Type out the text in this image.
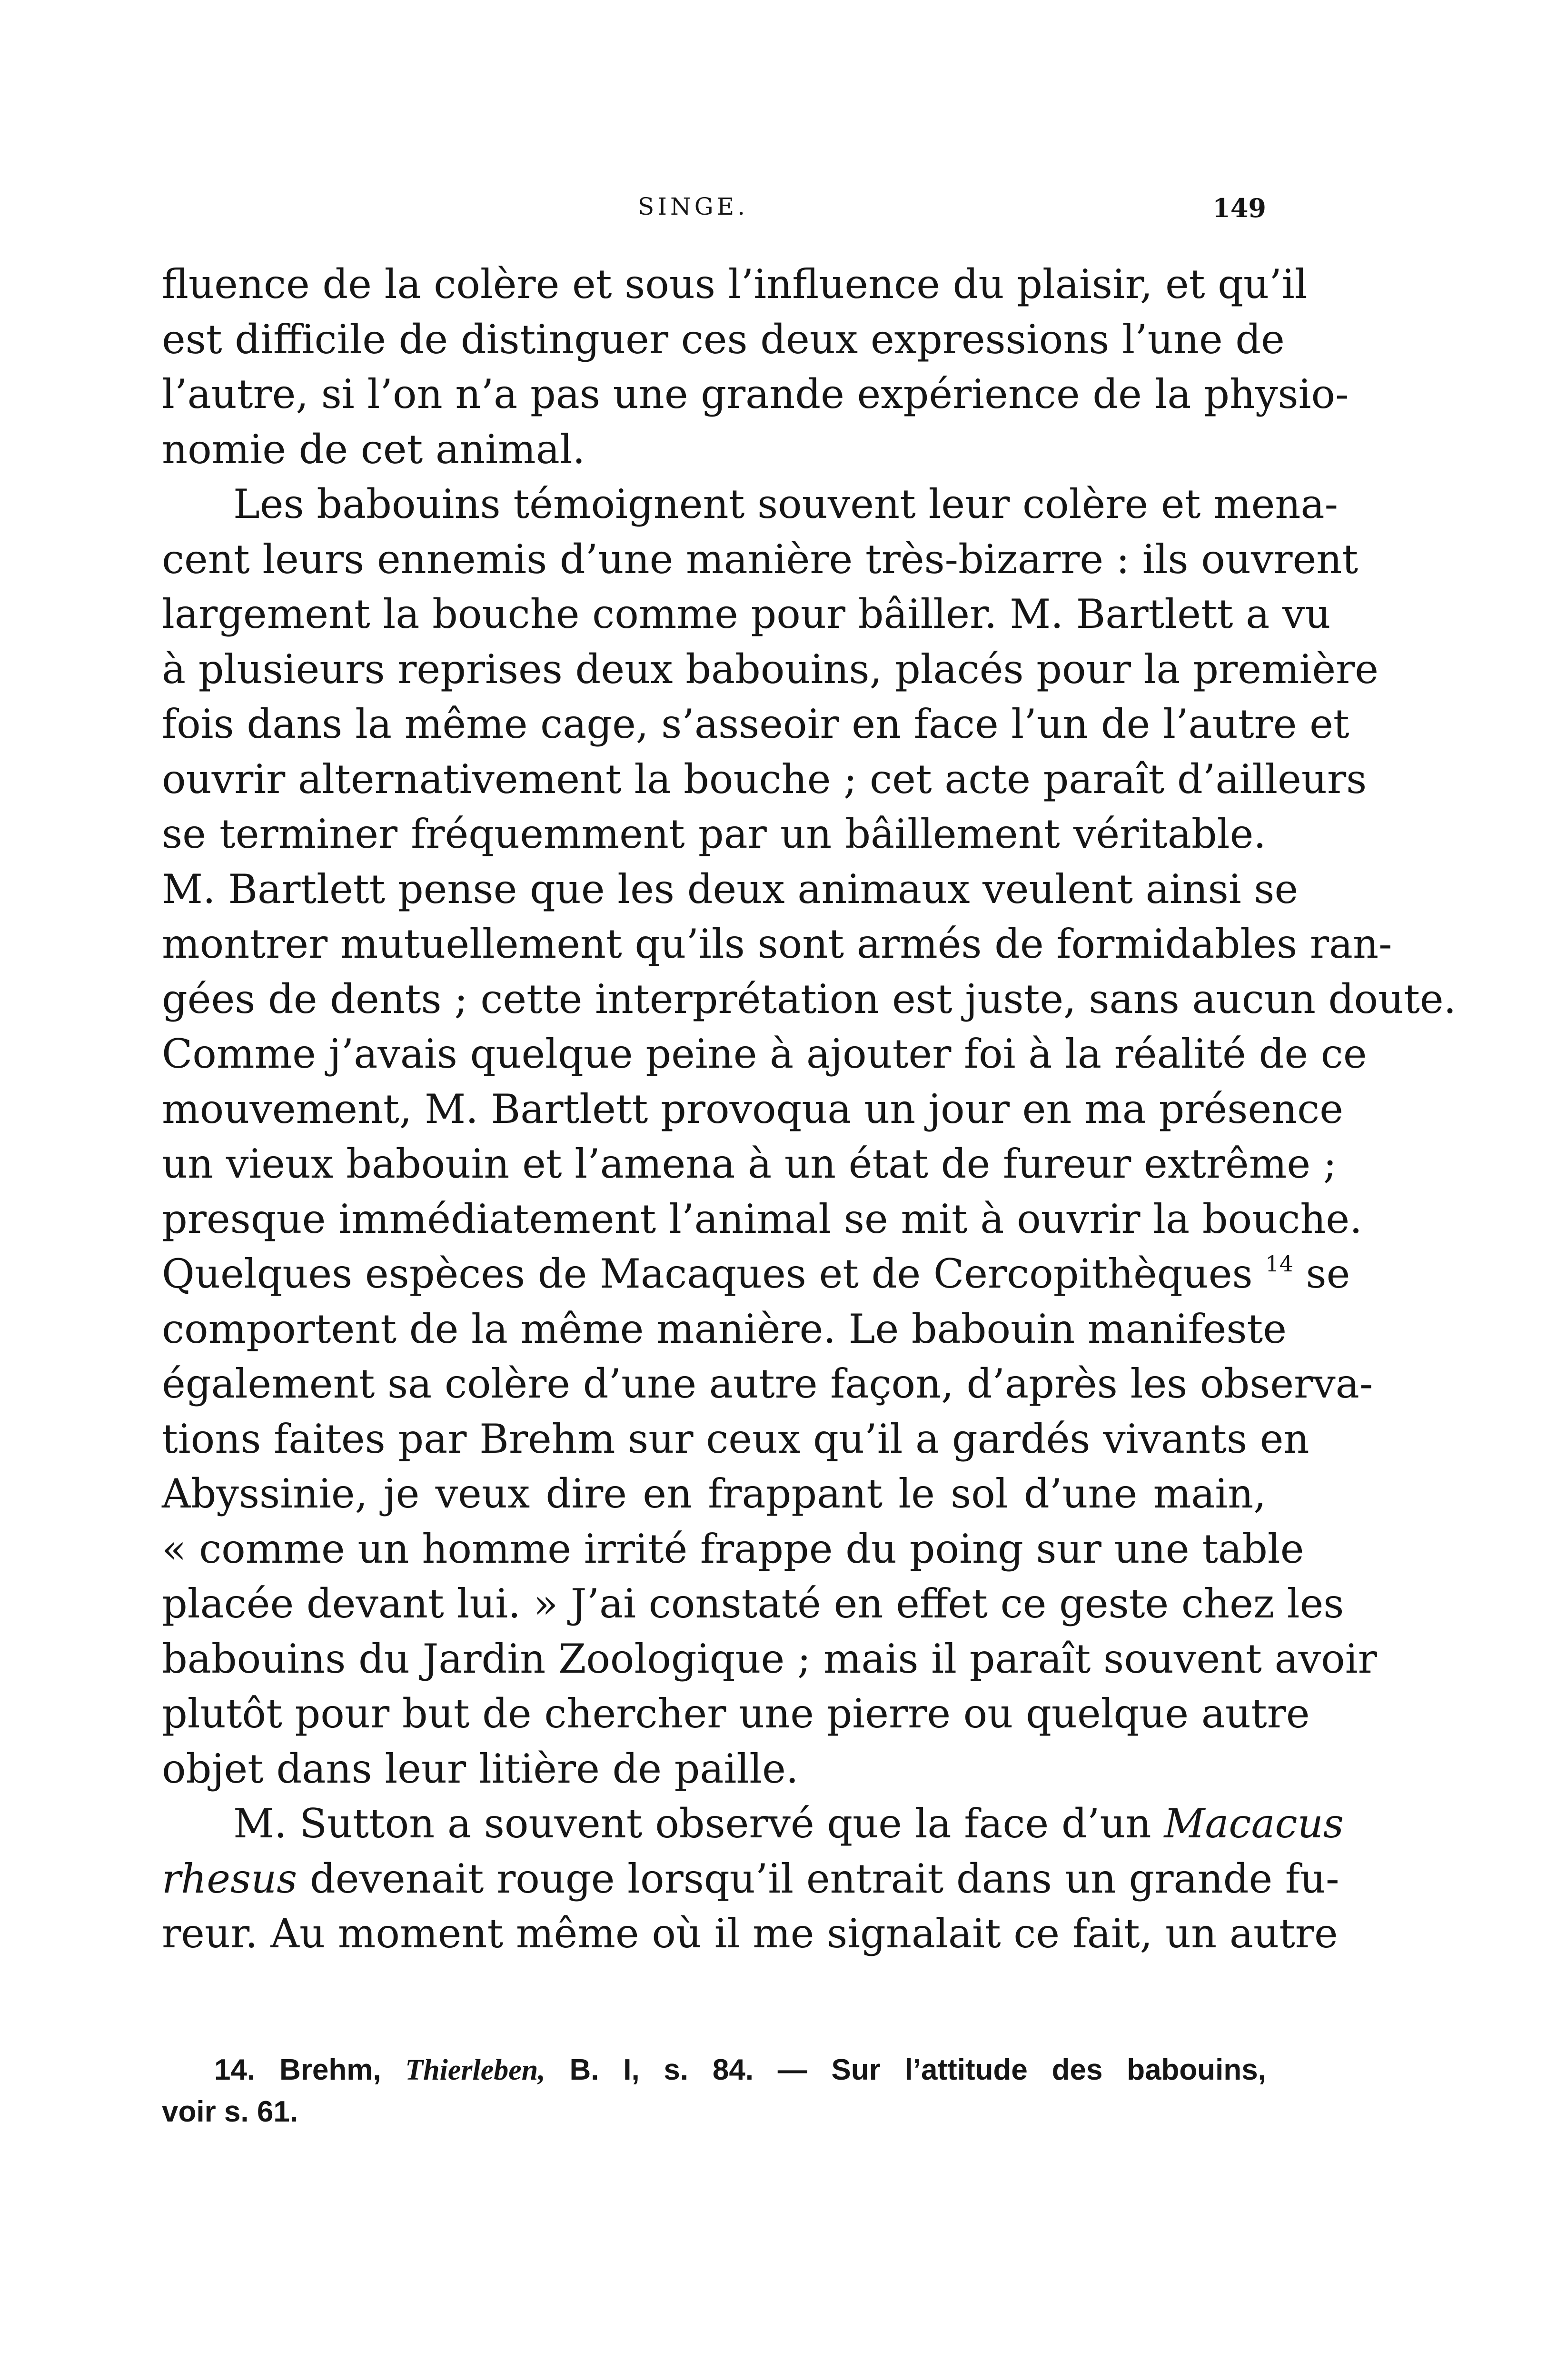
SINGE.	149
fluence de la colère et sous l’influence du plaisir, et qu’il
est difficile de distinguer ces deux expressions l’une de
l’autre, si l’on n’a pas une grande expérience de la physio-
nomie de cet animal.
Les babouins témoignent souvent leur colère et mena-
cent leurs ennemis d’une manière très-bizarre : ils ouvrent
largement la bouche comme pour bâiller. M. Bartlett a vu
à plusieurs reprises deux babouins, placés pour la première
fois dans la même cage, s’asseoir en face l’un de l’autre et
ouvrir alternativement la bouche ; cet acte paraît d’ailleurs
se terminer fréquemment par un bâillement véritable.
M. Bartlett pense que les deux animaux veulent ainsi se
montrer mutuellement qu’ils sont armés de formidables ran-
gées de dents ; cette interprétation est juste, sans aucun doute.
Comme j’avais quelque peine à ajouter foi à la réalité de ce
mouvement, M. Bartlett provoqua un jour en ma présence
un vieux babouin et l’amena à un état de fureur extrême ;
presque immédiatement l’animal se mit à ouvrir la bouche.
Quelques espèces de Macaques et de Cercopithèques $^{14}$ se
comportent de la même manière. Le babouin manifeste
également sa colère d’une autre façon, d’après les observa-
tions faites par Brehm sur ceux qu’il a gardés vivants en
Abyssinie, je veux dire en frappant le sol d’une main,
« comme un homme irrité frappe du poing sur une table
placée devant lui. » J’ai constaté en effet ce geste chez les
babouins du Jardin Zoologique ; mais il paraît souvent avoir
plutôt pour but de chercher une pierre ou quelque autre
objet dans leur litière de paille.
M. Sutton a souvent observé que la face d’un Macacus
rhesus devenait rouge lorsqu’il entrait dans un grande fu-
reur. Au moment même où il me signalait ce fait, un autre
14. Brehm, Thierleben, B. I, s. 84. — Sur l’attitude des babouins,
voir s. 61.
